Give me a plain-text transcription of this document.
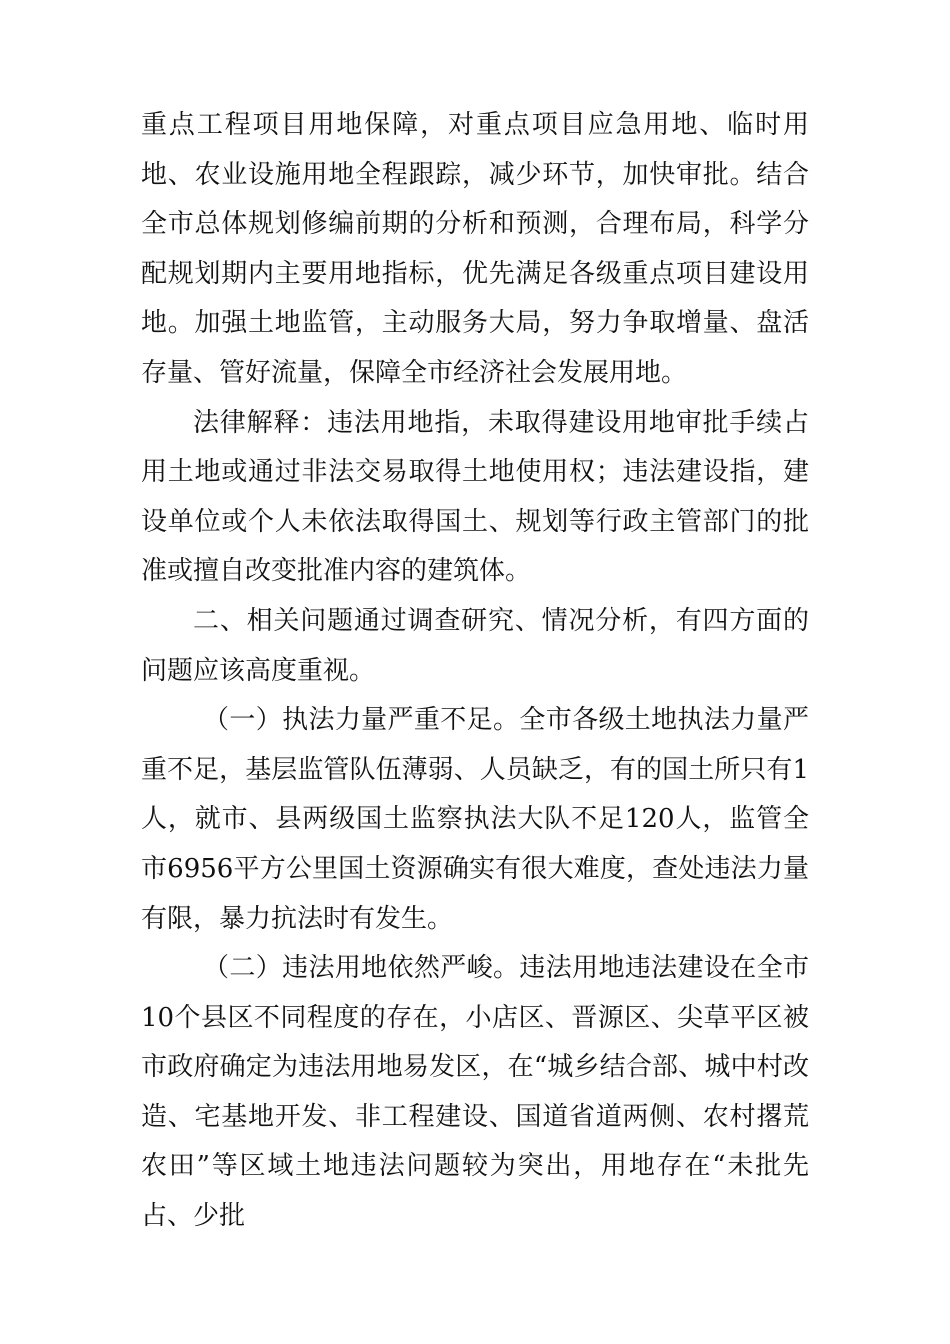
重点工程项目用地保障，对重点项目应急用地、临时用地、农业设施用地全程跟踪，减少环节，加快审批。结合全市总体规划修编前期的分析和预测，合理布局，科学分配规划期内主要用地指标，优先满足各级重点项目建设用地。加强土地监管，主动服务大局，努力争取增量、盘活存量、管好流量，保障全市经济社会发展用地。

法律解释：违法用地指，未取得建设用地审批手续占用土地或通过非法交易取得土地使用权；违法建设指，建设单位或个人未依法取得国土、规划等行政主管部门的批准或擅自改变批准内容的建筑体。

二、相关问题通过调查研究、情况分析，有四方面的问题应该高度重视。

（一）执法力量严重不足。全市各级土地执法力量严重不足，基层监管队伍薄弱、人员缺乏，有的国土所只有1人，就市、县两级国土监察执法大队不足120人，监管全市6956平方公里国土资源确实有很大难度，查处违法力量有限，暴力抗法时有发生。

（二）违法用地依然严峻。违法用地违法建设在全市10个县区不同程度的存在，小店区、晋源区、尖草平区被市政府确定为违法用地易发区，在“城乡结合部、城中村改造、宅基地开发、非工程建设、国道省道两侧、农村撂荒农田”等区域土地违法问题较为突出，用地存在“未批先占、少批
